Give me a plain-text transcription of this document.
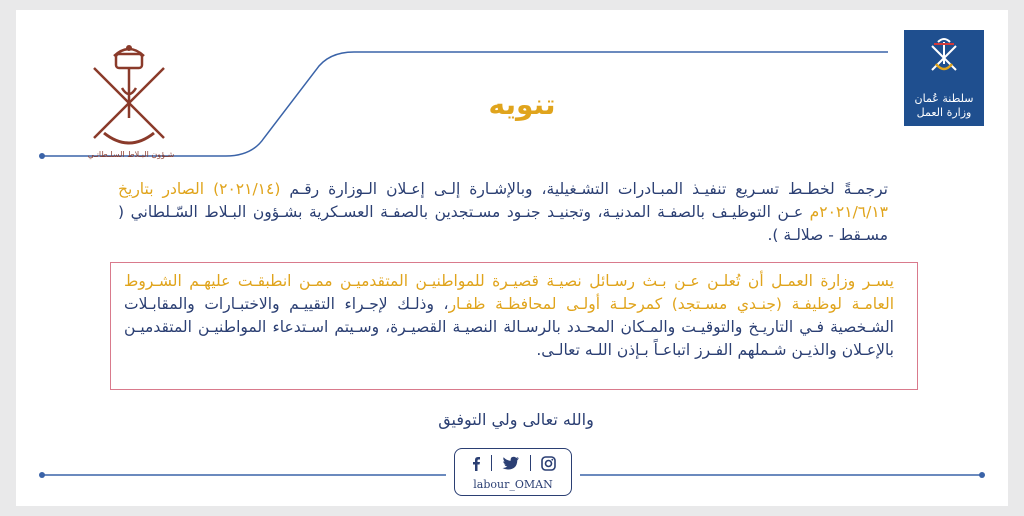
شـؤون البـلاط السلـطانـي
سلطنة عُمان
وزارة العمل
تنويه
ترجمـةً لخطـط تسـريع تنفيـذ المبـادرات التشـغيلية، وبالإشـارة إلـى إعـلان الـوزارة رقـم (٢٠٢١/١٤) الصادر بتاريخ ٢٠٢١/٦/١٣م عـن التوظيـف بالصفـة المدنيـة، وتجنيـد جنـود مسـتجدين بالصفـة العسـكرية بشـؤون البـلاط السّـلطاني ( مسـقط - صلالـة ).
يسـر وزارة العمـل أن تُعلـن عـن بـث رسـائل نصيـة قصيـرة للمواطنيـن المتقدميـن ممـن انطبقـت عليهـم الشـروط العامـة لوظيفـة (جنـدي مسـتجد) كمرحلـة أولـى لمحافظـة ظفـار، وذلـك لإجـراء التقييـم والاختبـارات والمقابـلات الشـخصية فـي التاريـخ والتوقيـت والمـكان المحـدد بالرسـالة النصيـة القصيـرة، وسـيتم اسـتدعاء المواطنيـن المتقدميـن بالإعـلان والذيـن شـملهم الفـرز اتباعـاً بـإذن اللـه تعالـى.
والله تعالى ولي التوفيق
labour_OMAN
